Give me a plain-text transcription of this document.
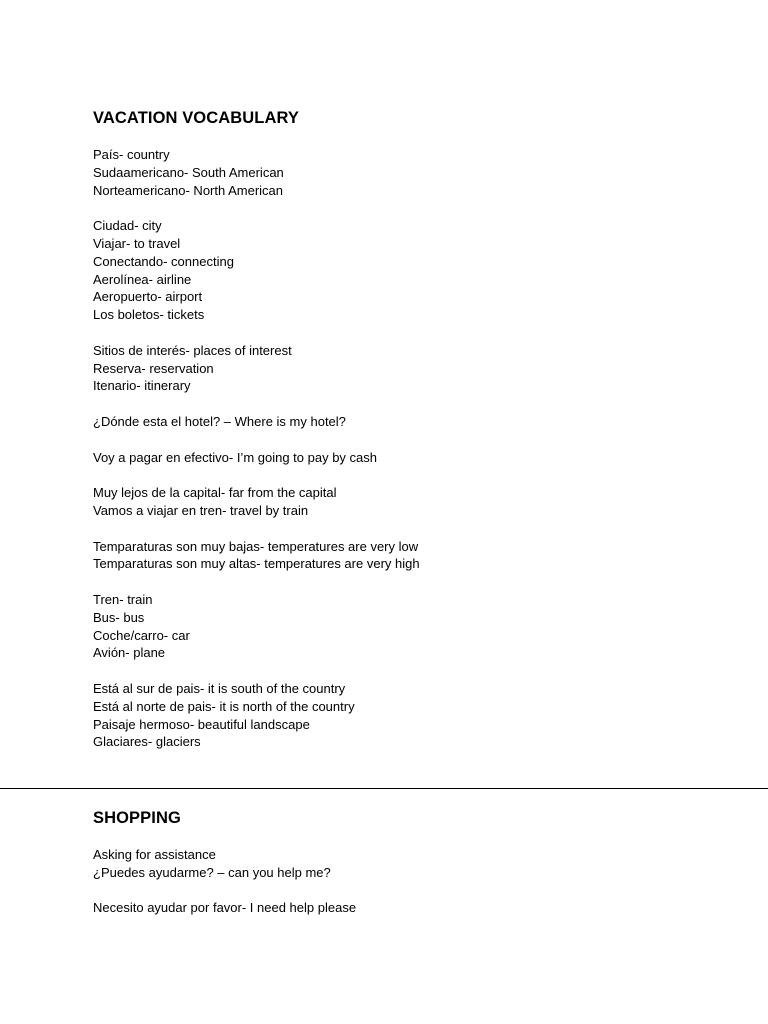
VACATION VOCABULARY
País- country
Sudaamericano- South American
Norteamericano- North American
Ciudad- city
Viajar- to travel
Conectando- connecting
Aerolínea- airline
Aeropuerto- airport
Los boletos- tickets
Sitios de interés- places of interest
Reserva- reservation
Itenario- itinerary
¿Dónde esta el hotel? – Where is my hotel?
Voy a pagar en efectivo- I’m going to pay by cash
Muy lejos de la capital- far from the capital
Vamos a viajar en tren- travel by train
Temparaturas son muy bajas- temperatures are very low
Temparaturas son muy altas- temperatures are very high
Tren- train
Bus- bus
Coche/carro- car
Avión- plane
Está al sur de pais- it is south of the country
Está al norte de pais- it is north of the country
Paisaje hermoso- beautiful landscape
Glaciares- glaciers
SHOPPING
Asking for assistance
¿Puedes ayudarme? – can you help me?
Necesito ayudar por favor- I need help please
